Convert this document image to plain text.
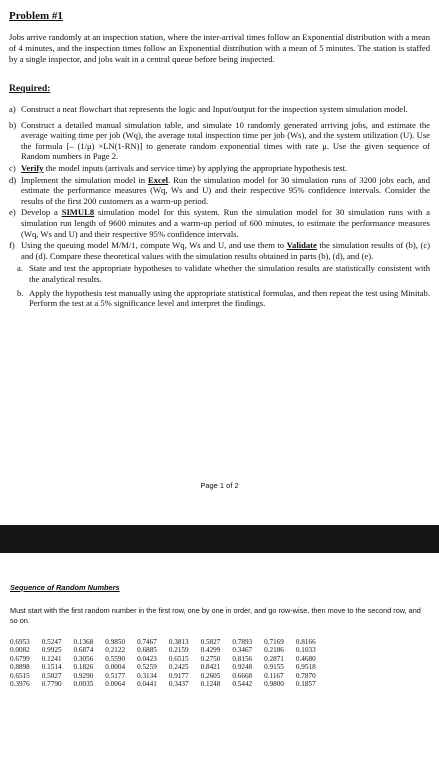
Problem #1

Jobs arrive randomly at an inspection station, where the inter-arrival times follow an Exponential distribution with a mean of 4 minutes, and the inspection times follow an Exponential distribution with a mean of 5 minutes. The station is staffed by a single inspector, and jobs wait in a central queue before being inspected.

Required:

a) Construct a neat flowchart that represents the logic and Input/output for the inspection system simulation model.
b) Construct a detailed manual simulation table, and simulate 10 randomly generated arriving jobs, and estimate the average waiting time per job (Wq), the average total inspection time per job (Ws), and the system utilization (U). Use the formula [– (1/μ) ×LN(1-RN)] to generate random exponential times with rate μ. Use the given sequence of Random numbers in Page 2.
c) Verify the model inputs (arrivals and service time) by applying the appropriate hypothesis test.
d) Implement the simulation model in Excel. Run the simulation model for 30 simulation runs of 3200 jobs each, and estimate the performance measures (Wq, Ws and U) and their respective 95% confidence intervals. Consider the results of the first 200 customers as a warm-up period.
e) Develop a SIMUL8 simulation model for this system. Run the simulation model for 30 simulation runs with a simulation run length of 9600 minutes and a warm-up period of 600 minutes, to estimate the performance measures (Wq, Ws and U) and their respective 95% confidence intervals.
f) Using the queuing model M/M/1, compute Wq, Ws and U, and use them to Validate the simulation results of (b), (c) and (d). Compare these theoretical values with the simulation results obtained in parts (b), (d), and (e).
a. State and test the appropriate hypotheses to validate whether the simulation results are statistically consistent with the analytical results.
b. Apply the hypothesis test manually using the appropriate statistical formulas, and then repeat the test using Minitab. Perform the test at a 5% significance level and interpret the findings.
Page 1 of 2

Sequence of Random Numbers

Must start with the first random number in the first row, one by one in order, and go row-wise, then move to the second row, and so on.

0.6953	0.5247	0.1368	0.9850	0.7467	0.3813	0.5827	0.7893	0.7169	0.8166
0.0082	0.9925	0.6874	0.2122	0.6885	0.2159	0.4299	0.3467	0.2186	0.1033
0.6799	0.1241	0.3056	0.5590	0.0423	0.6515	0.2750	0.8156	0.2871	0.4680
0.8898	0.1514	0.1826	0.0004	0.5259	0.2425	0.8421	0.9248	0.9155	0.9518
0.6515	0.5027	0.9290	0.5177	0.3134	0.9177	0.2605	0.6668	0.1167	0.7870
0.3976	0.7790	0.0035	0.0064	0.0441	0.3437	0.1248	0.5442	0.9800	0.1857
